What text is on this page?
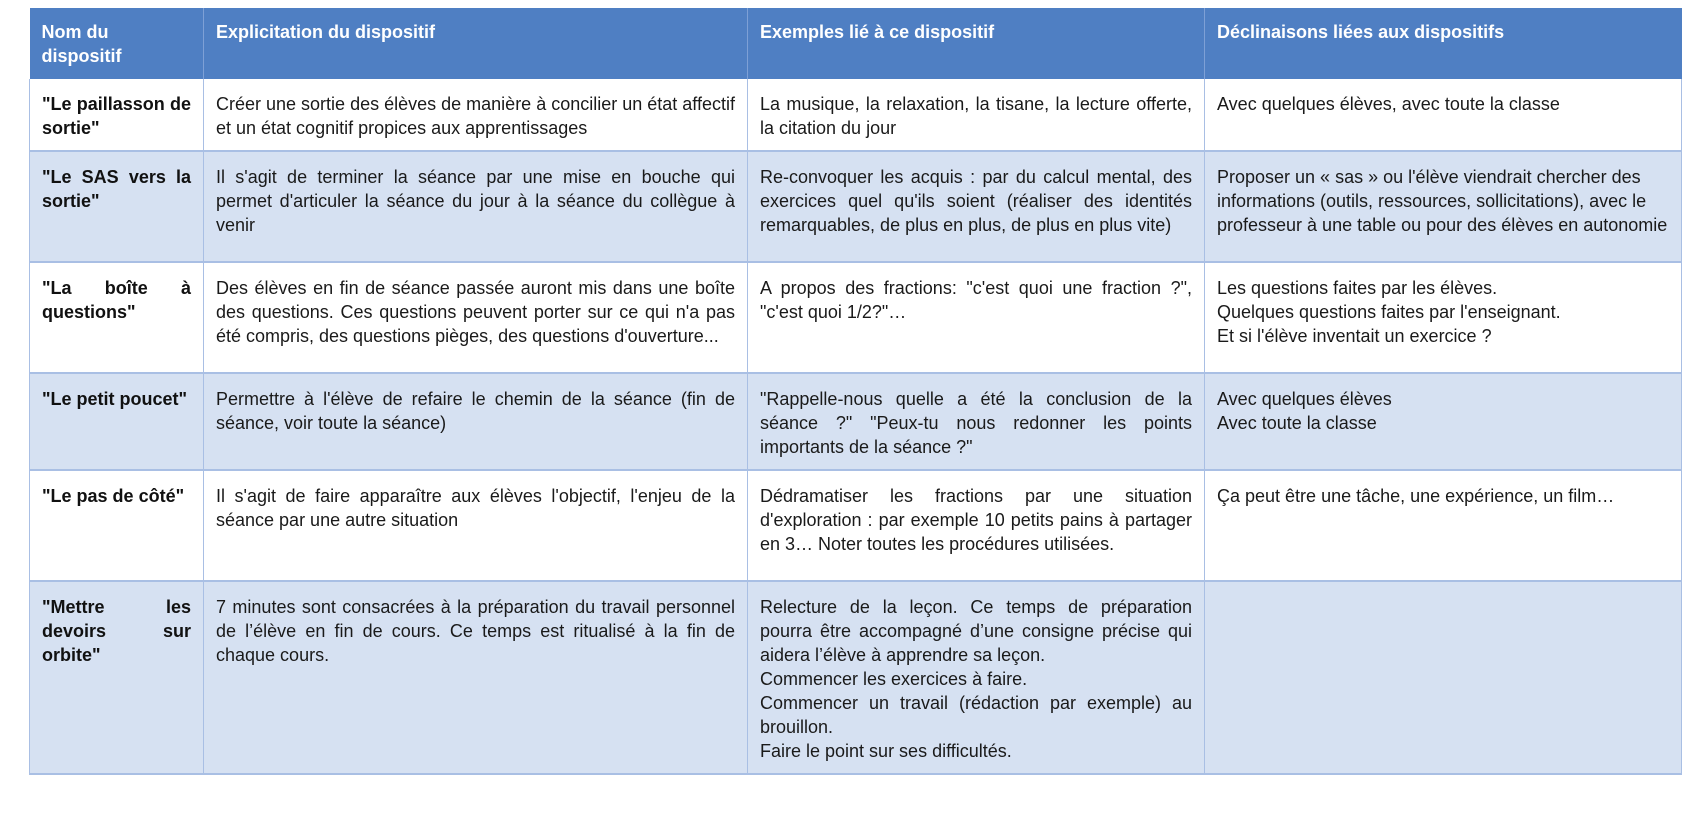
Nom du
dispositif	Explicitation du dispositif	Exemples lié à ce dispositif	Déclinaisons liées aux dispositifs
"Le paillasson de sortie"	Créer une sortie des élèves de manière à concilier un état affectif et un état cognitif propices aux apprentissages	La musique, la relaxation, la tisane, la lecture offerte, la citation du jour	Avec quelques élèves, avec toute la classe
"Le SAS vers la sortie"	Il s'agit de terminer la séance par une mise en bouche qui permet d'articuler la séance du jour à la séance du collègue à venir	Re-convoquer les acquis : par du calcul mental, des exercices quel qu'ils soient (réaliser des identités remarquables, de plus en plus, de plus en plus vite)	Proposer un « sas » ou l'élève viendrait chercher des informations (outils, ressources, sollicitations), avec le professeur à une table ou pour des élèves en autonomie
"La boîte à questions"	Des élèves en fin de séance passée auront mis dans une boîte des questions. Ces questions peuvent porter sur ce qui n'a pas été compris, des questions pièges, des questions d'ouverture...	A propos des fractions: "c'est quoi une fraction ?", "c'est quoi 1/2?"…	Les questions faites par les élèves.
Quelques questions faites par l'enseignant.
Et si l'élève inventait un exercice ?
"Le petit poucet"	Permettre à l'élève de refaire le chemin de la séance (fin de séance, voir toute la séance)	"Rappelle-nous quelle a été la conclusion de la séance ?" "Peux-tu nous redonner les points importants de la séance ?"	Avec quelques élèves
Avec toute la classe
"Le pas de côté"	Il s'agit de faire apparaître aux élèves l'objectif, l'enjeu de la séance par une autre situation	Dédramatiser les fractions par une situation d'exploration : par exemple 10 petits pains à partager en 3… Noter toutes les procédures utilisées.	Ça peut être une tâche, une expérience, un film…
"Mettre les devoirs sur orbite"	7 minutes sont consacrées à la préparation du travail personnel de l’élève en fin de cours. Ce temps est ritualisé à la fin de chaque cours.	Relecture de la leçon. Ce temps de préparation pourra être accompagné d’une consigne précise qui aidera l’élève à apprendre sa leçon.
Commencer les exercices à faire.
Commencer un travail (rédaction par exemple) au brouillon.
Faire le point sur ses difficultés.	
